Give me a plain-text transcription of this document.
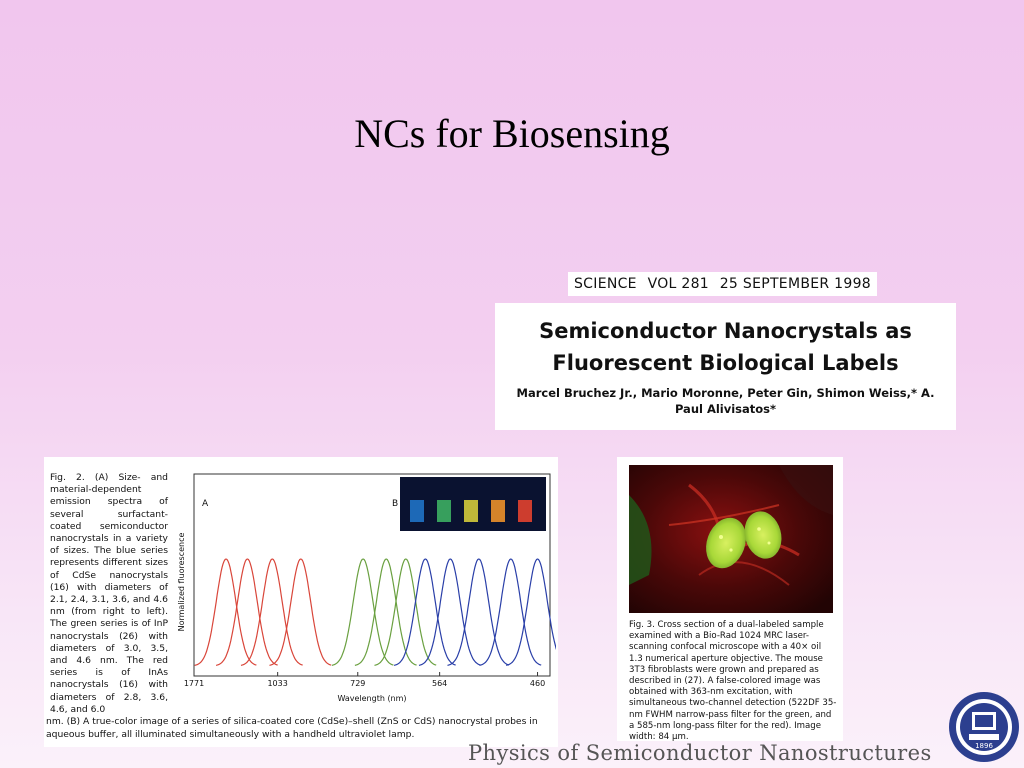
NCs for Biosensing
SCIENCE VOL 281 25 SEPTEMBER 1998
Semiconductor Nanocrystals as Fluorescent Biological Labels
Marcel Bruchez Jr., Mario Moronne, Peter Gin, Shimon Weiss,* A. Paul Alivisatos*
Fig. 2. (A) Size- and material-dependent emission spectra of several surfactant-coated semiconductor nanocrystals in a variety of sizes. The blue series represents different sizes of CdSe nanocrystals (16) with diameters of 2.1, 2.4, 3.1, 3.6, and 4.6 nm (from right to left). The green series is of InP nanocrystals (26) with diameters of 3.0, 3.5, and 4.6 nm. The red series is of InAs nanocrystals (16) with diameters of 2.8, 3.6, 4.6, and 6.0
A	B
Normalized fluorescence
1771	1033	729	564	460
Wavelength (nm)
nm. (B) A true-color image of a series of silica-coated core (CdSe)–shell (ZnS or CdS) nanocrystal probes in aqueous buffer, all illuminated simultaneously with a handheld ultraviolet lamp.
Fig. 3. Cross section of a dual-labeled sample examined with a Bio-Rad 1024 MRC laser-scanning confocal microscope with a 40× oil 1.3 numerical aperture objective. The mouse 3T3 fibroblasts were grown and prepared as described in (27). A false-colored image was obtained with 363-nm excitation, with simultaneous two-channel detection (522DF 35-nm FWHM narrow-pass filter for the green, and a 585-nm long-pass filter for the red). Image width: 84 μm.
Physics of Semiconductor Nanostructures	1896
